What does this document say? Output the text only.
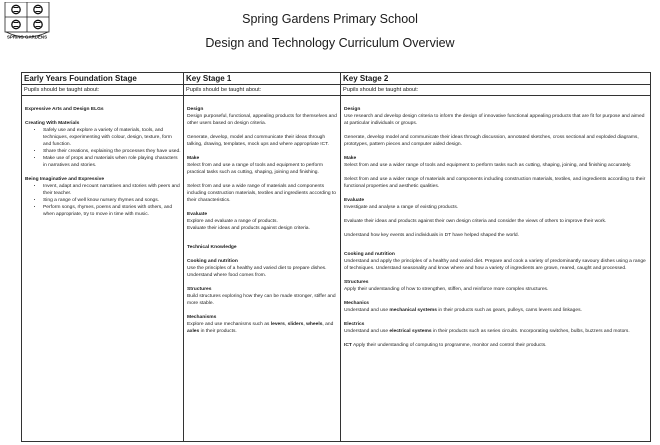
SPRING GARDENS
Spring Gardens Primary School
Design and Technology Curriculum Overview
Early Years Foundation Stage
Pupils should be taught about:
Expressive Arts and Design ELGs
Creating With Materials
• Safely use and explore a variety of materials, tools, and techniques, experimenting with colour, design, texture, form and function.
• Share their creations, explaining the processes they have used.
• Make use of props and materials when role playing characters in narratives and stories.
Being Imaginative and Expressive
• Invent, adapt and recount narratives and stories with peers and their teacher.
• Sing a range of well know nursery rhymes and songs.
• Perform songs, rhymes, poems and stories with others, and when appropriate, try to move in time with music.
Key Stage 1
Pupils should be taught about:
Design

Design purposeful, functional, appealing products for themselves and other users based on design criteria.

Generate, develop, model and communicate their ideas through talking, drawing, templates, mock ups and where appropriate ICT.

Make

Select from and use a range of tools and equipment to perform practical tasks such as cutting, shaping, joining and finishing.

Select from and use a wide range of materials and components including construction materials, textiles and ingredients according to their characteristics.

Evaluate

Explore and evaluate a range of products.

Evaluate their ideas and products against design criteria.

Technical Knowledge
Cooking and nutrition

Use the principles of a healthy and varied diet to prepare dishes.

Understand where food comes from.

Structures

Build structures exploring how they can be made stronger, stiffer and more stable.

Mechanisms

Explore and use mechanisms such as levers, sliders, wheels, and axles in their products.

Key Stage 2
Pupils should be taught about:
Design

Use research and develop design criteria to inform the design of innovative functional appealing products that are fit for purpose and aimed at particular individuals or groups.

Generate, develop model and communicate their ideas through discussion, annotated sketches, cross sectional and exploded diagrams, prototypes, pattern pieces and computer aided design.

Make

Select from and use a wider range of tools and equipment to perform tasks such as cutting, shaping, joining, and finishing accurately.

Select from and use a wider range of materials and components including construction materials, textiles, and ingredients according to their functional properties and aesthetic qualities.

Evaluate

Investigate and analyse a range of existing products.

Evaluate their ideas and products against their own design criteria and consider the views of others to improve their work.

Understand how key events and individuals in DT have helped shaped the world.

Cooking and nutrition

Understand and apply the principles of a healthy and varied diet. Prepare and cook a variety of predominantly savoury dishes using a range of techniques. Understand seasonality and know where and how a variety of ingredients are grown, reared, caught and processed.

Structures

Apply their understanding of how to strengthen, stiffen, and reinforce more complex structures.

Mechanics

Understand and use mechanical systems in their products such as gears, pulleys, cams levers and linkages.

Electrics

Understand and use electrical systems in their products such as series circuits. Incorporating switches, bulbs, buzzers and motors.

ICT Apply their understanding of computing to programme, monitor and control their products.
